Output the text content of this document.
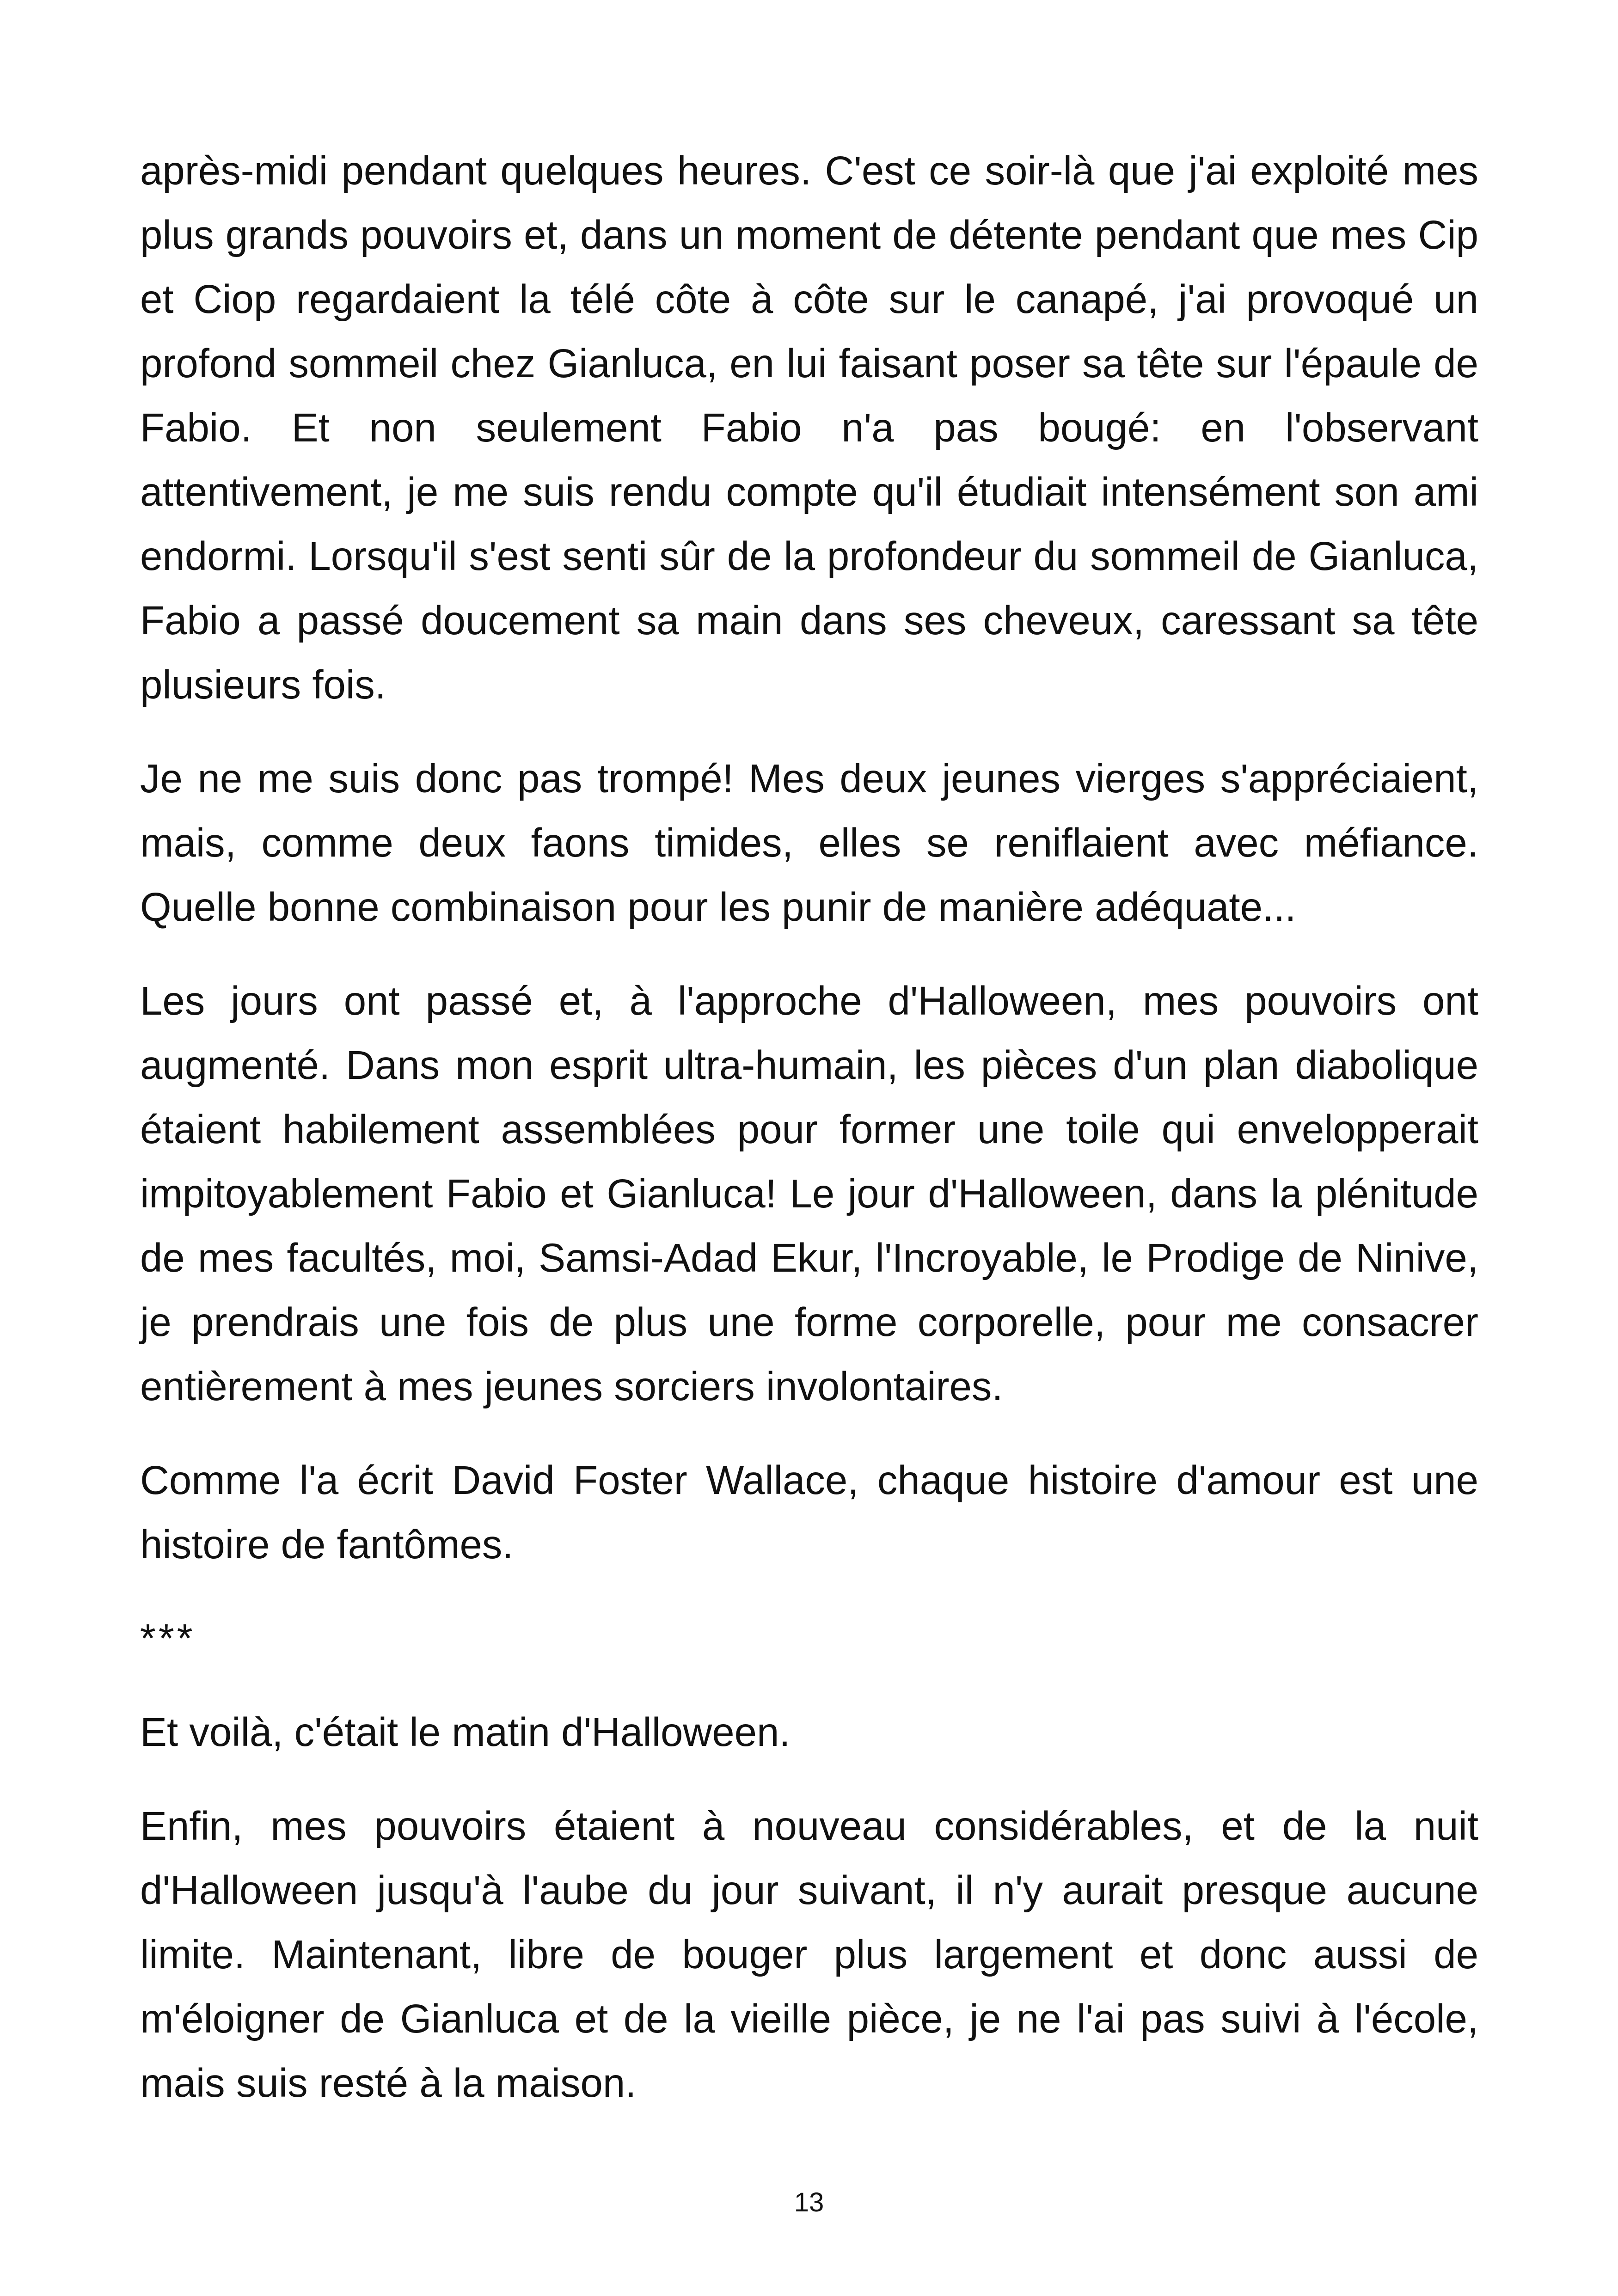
après-midi pendant quelques heures. C'est ce soir-là que j'ai exploité mes plus grands pouvoirs et, dans un moment de détente pendant que mes Cip et Ciop regardaient la télé côte à côte sur le canapé, j'ai provoqué un profond sommeil chez Gianluca, en lui faisant poser sa tête sur l'épaule de Fabio. Et non seulement Fabio n'a pas bougé: en l'observant attentivement, je me suis rendu compte qu'il étudiait intensément son ami endormi. Lorsqu'il s'est senti sûr de la profondeur du sommeil de Gianluca, Fabio a passé doucement sa main dans ses cheveux, caressant sa tête plusieurs fois.

Je ne me suis donc pas trompé! Mes deux jeunes vierges s'appréciaient, mais, comme deux faons timides, elles se reniflaient avec méfiance. Quelle bonne combinaison pour les punir de manière adéquate...

Les jours ont passé et, à l'approche d'Halloween, mes pouvoirs ont augmenté. Dans mon esprit ultra-humain, les pièces d'un plan diabolique étaient habilement assemblées pour former une toile qui envelopperait impitoyablement Fabio et Gianluca! Le jour d'Halloween, dans la plénitude de mes facultés, moi, Samsi-Adad Ekur, l'Incroyable, le Prodige de Ninive, je prendrais une fois de plus une forme corporelle, pour me consacrer entièrement à mes jeunes sorciers involontaires.

Comme l'a écrit David Foster Wallace, chaque histoire d'amour est une histoire de fantômes.

***

Et voilà, c'était le matin d'Halloween.

Enfin, mes pouvoirs étaient à nouveau considérables, et de la nuit d'Halloween jusqu'à l'aube du jour suivant, il n'y aurait presque aucune limite. Maintenant, libre de bouger plus largement et donc aussi de m'éloigner de Gianluca et de la vieille pièce, je ne l'ai pas suivi à l'école, mais suis resté à la maison.

13
